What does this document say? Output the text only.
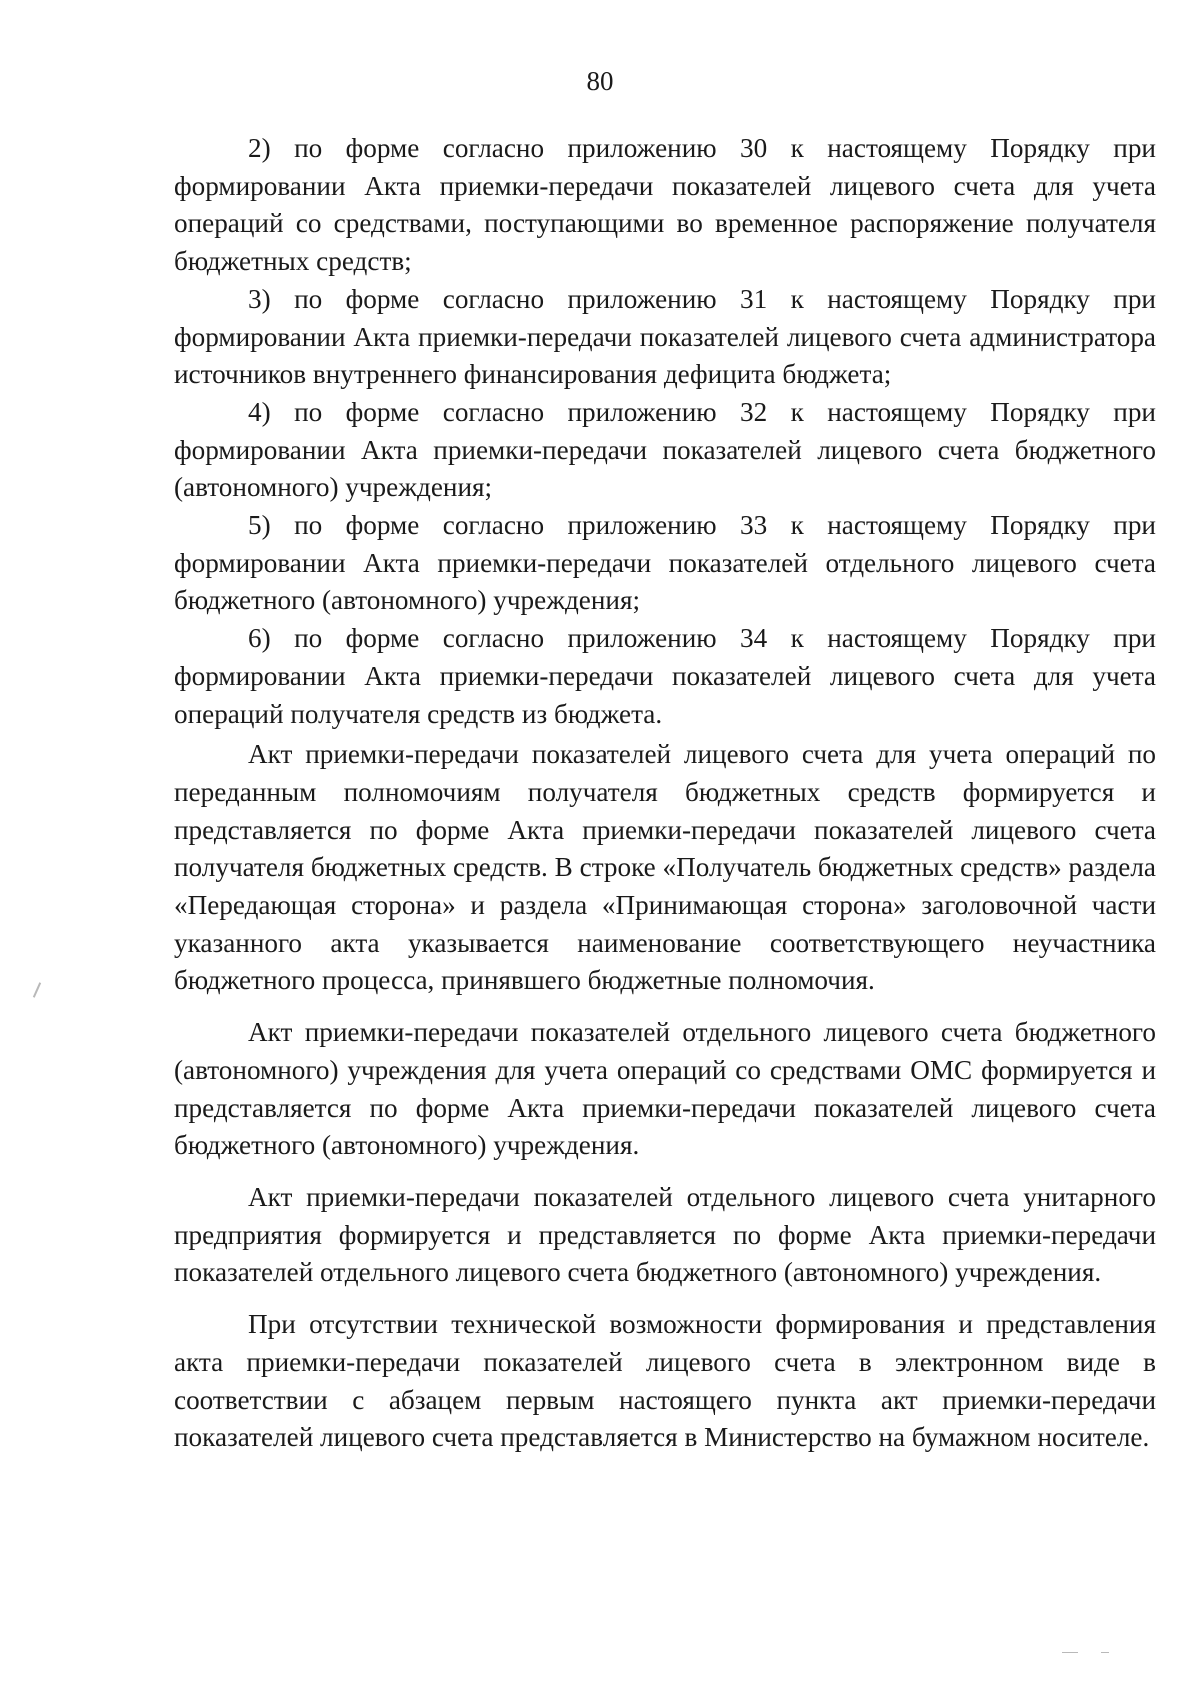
80

2) по форме согласно приложению 30 к настоящему Порядку при формировании Акта приемки-передачи показателей лицевого счета для учета операций со средствами, поступающими во временное распоряжение получателя бюджетных средств;

3) по форме согласно приложению 31 к настоящему Порядку при формировании Акта приемки-передачи показателей лицевого счета администратора источников внутреннего финансирования дефицита бюджета;

4) по форме согласно приложению 32 к настоящему Порядку при формировании Акта приемки-передачи показателей лицевого счета бюджетного (автономного) учреждения;

5) по форме согласно приложению 33 к настоящему Порядку при формировании Акта приемки-передачи показателей отдельного лицевого счета бюджетного (автономного) учреждения;

6) по форме согласно приложению 34 к настоящему Порядку при формировании Акта приемки-передачи показателей лицевого счета для учета операций получателя средств из бюджета.

Акт приемки-передачи показателей лицевого счета для учета операций по переданным полномочиям получателя бюджетных средств формируется и представляется по форме Акта приемки-передачи показателей лицевого счета получателя бюджетных средств. В строке «Получатель бюджетных средств» раздела «Передающая сторона» и раздела «Принимающая сторона» заголовочной части указанного акта указывается наименование соответствующего неучастника бюджетного процесса, принявшего бюджетные полномочия.

Акт приемки-передачи показателей отдельного лицевого счета бюджетного (автономного) учреждения для учета операций со средствами ОМС формируется и представляется по форме Акта приемки-передачи показателей лицевого счета бюджетного (автономного) учреждения.

Акт приемки-передачи показателей отдельного лицевого счета унитарного предприятия формируется и представляется по форме Акта приемки-передачи показателей отдельного лицевого счета бюджетного (автономного) учреждения.

При отсутствии технической возможности формирования и представления акта приемки-передачи показателей лицевого счета в электронном виде в соответствии с абзацем первым настоящего пункта акт приемки-передачи показателей лицевого счета представляется в Министерство на бумажном носителе.
